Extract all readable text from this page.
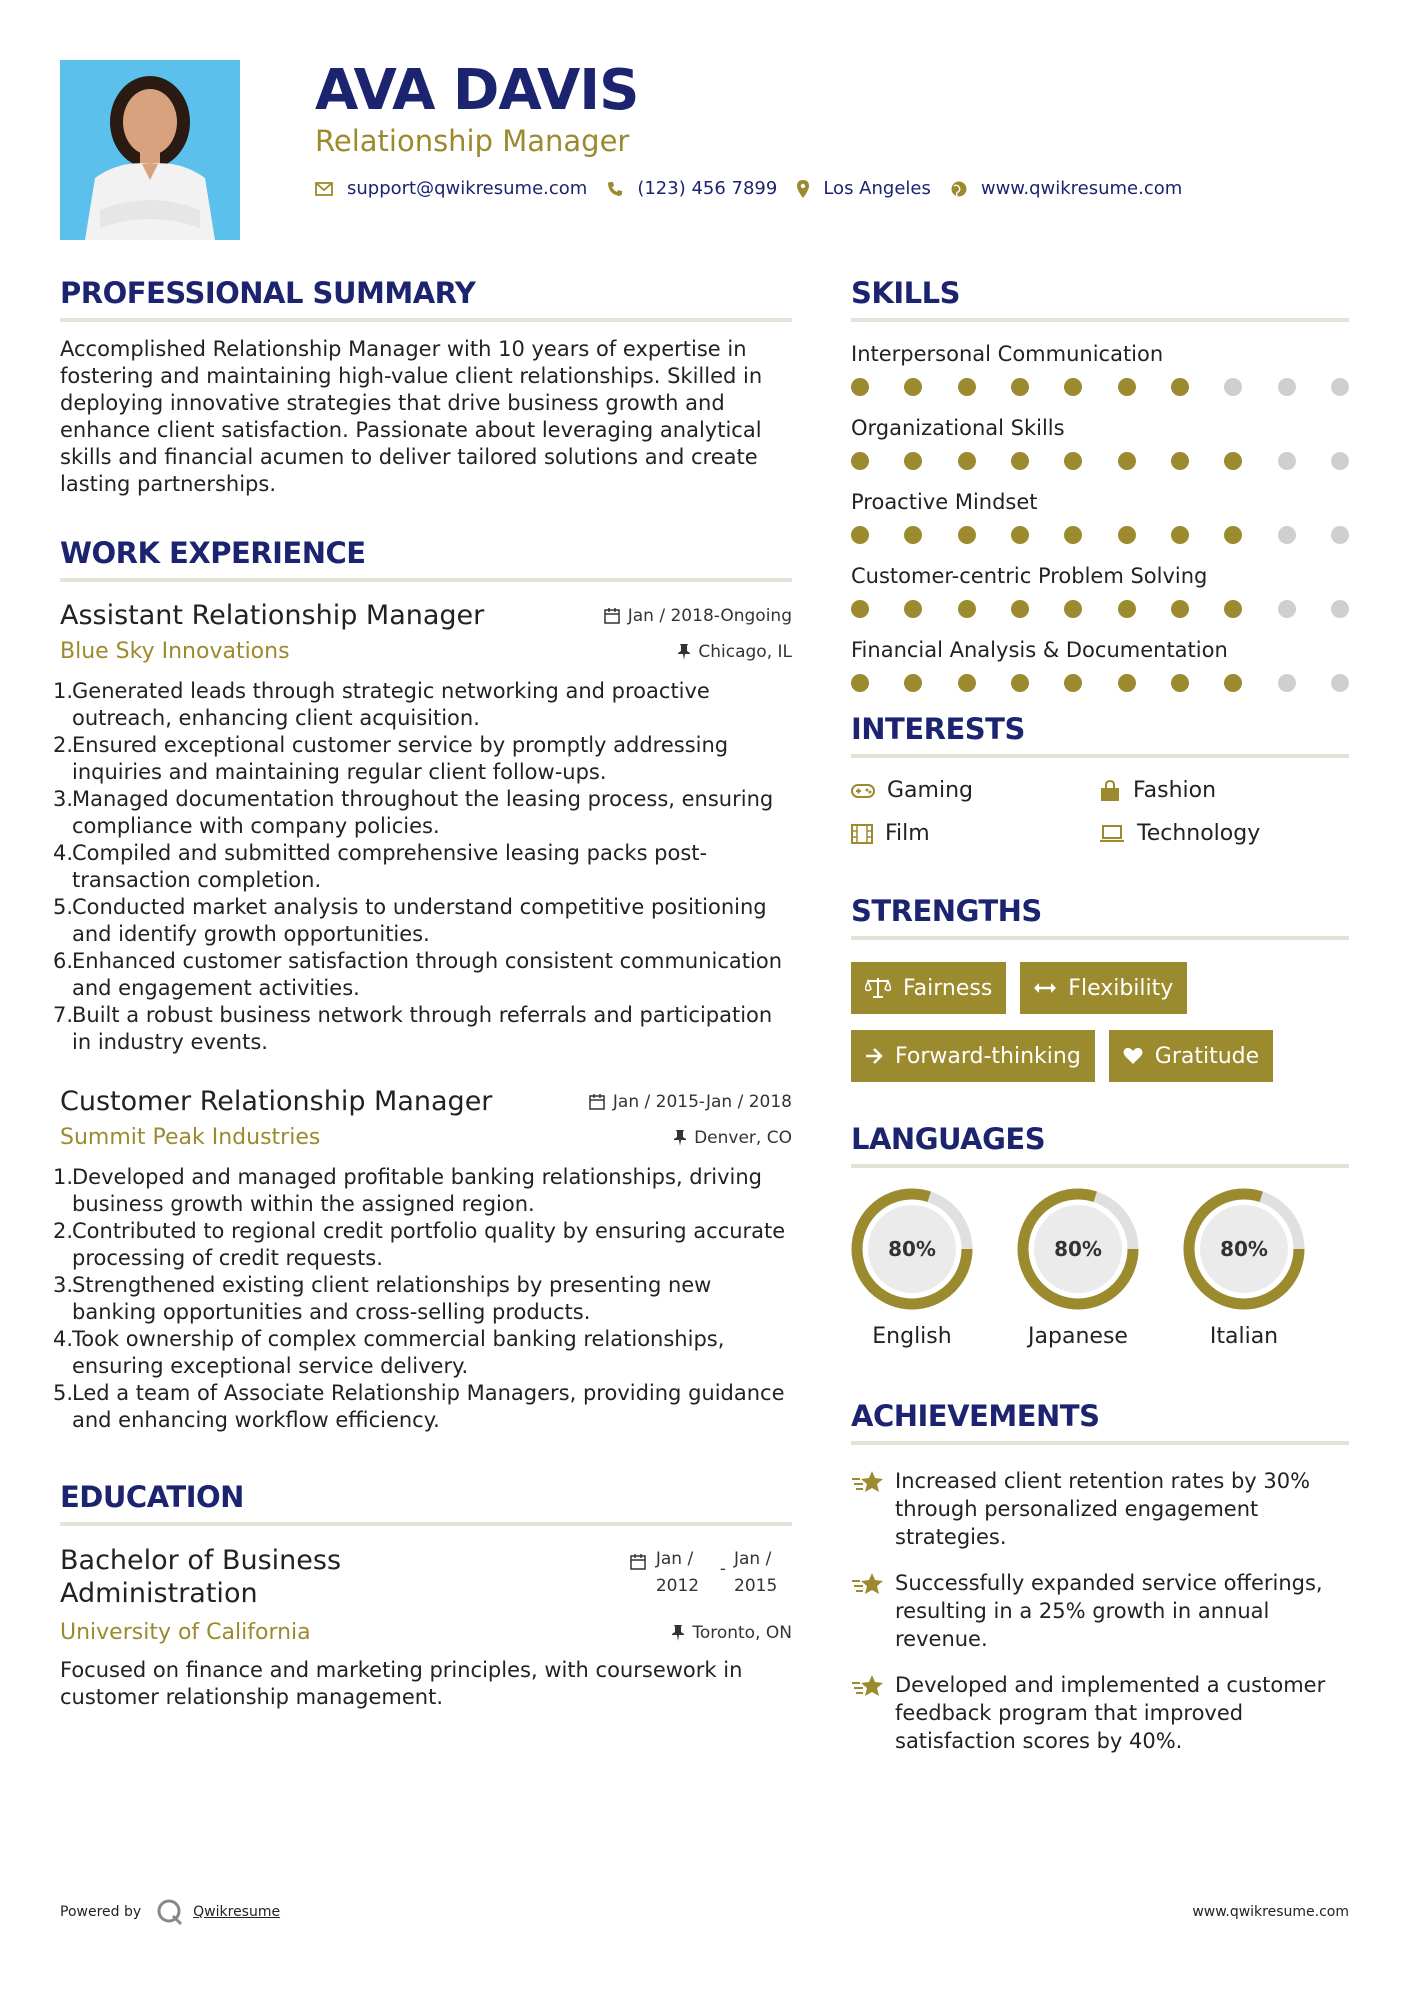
AVA DAVIS
Relationship Manager
support@qwikresume.com	(123) 456 7899	Los Angeles	www.qwikresume.com
PROFESSIONAL SUMMARY
Accomplished Relationship Manager with 10 years of expertise in fostering and maintaining high-value client relationships. Skilled in deploying innovative strategies that drive business growth and enhance client satisfaction. Passionate about leveraging analytical skills and financial acumen to deliver tailored solutions and create lasting partnerships.
WORK EXPERIENCE
Assistant Relationship Manager	Jan / 2018-Ongoing
Blue Sky Innovations	Chicago, IL
1.
Generated leads through strategic networking and proactive outreach, enhancing client acquisition.
2.
Ensured exceptional customer service by promptly addressing inquiries and maintaining regular client follow-ups.
3.
Managed documentation throughout the leasing process, ensuring compliance with company policies.
4.
Compiled and submitted comprehensive leasing packs post-transaction completion.
5.
Conducted market analysis to understand competitive positioning and identify growth opportunities.
6.
Enhanced customer satisfaction through consistent communication and engagement activities.
7.
Built a robust business network through referrals and participation in industry events.
Customer Relationship Manager	Jan / 2015-Jan / 2018
Summit Peak Industries	Denver, CO
1.
Developed and managed profitable banking relationships, driving business growth within the assigned region.
2.
Contributed to regional credit portfolio quality by ensuring accurate processing of credit requests.
3.
Strengthened existing client relationships by presenting new banking opportunities and cross-selling products.
4.
Took ownership of complex commercial banking relationships, ensuring exceptional service delivery.
5.
Led a team of Associate Relationship Managers, providing guidance and enhancing workflow efficiency.
EDUCATION
Bachelor of Business Administration
Jan / 2012
- Jan / 2015
University of California	Toronto, ON
Focused on finance and marketing principles, with coursework in customer relationship management.
SKILLS
Interpersonal Communication
Organizational Skills
Proactive Mindset
Customer-centric Problem Solving
Financial Analysis & Documentation
INTERESTS
Gaming	Fashion
Film	Technology
STRENGTHS
Fairness	Flexibility
Forward-thinking	Gratitude
LANGUAGES
80%
English
80%
Japanese
80%
Italian
ACHIEVEMENTS
Increased client retention rates by 30% through personalized engagement strategies.
Successfully expanded service offerings, resulting in a 25% growth in annual revenue.
Developed and implemented a customer feedback program that improved satisfaction scores by 40%.
Powered by	Qwikresume	www.qwikresume.com
